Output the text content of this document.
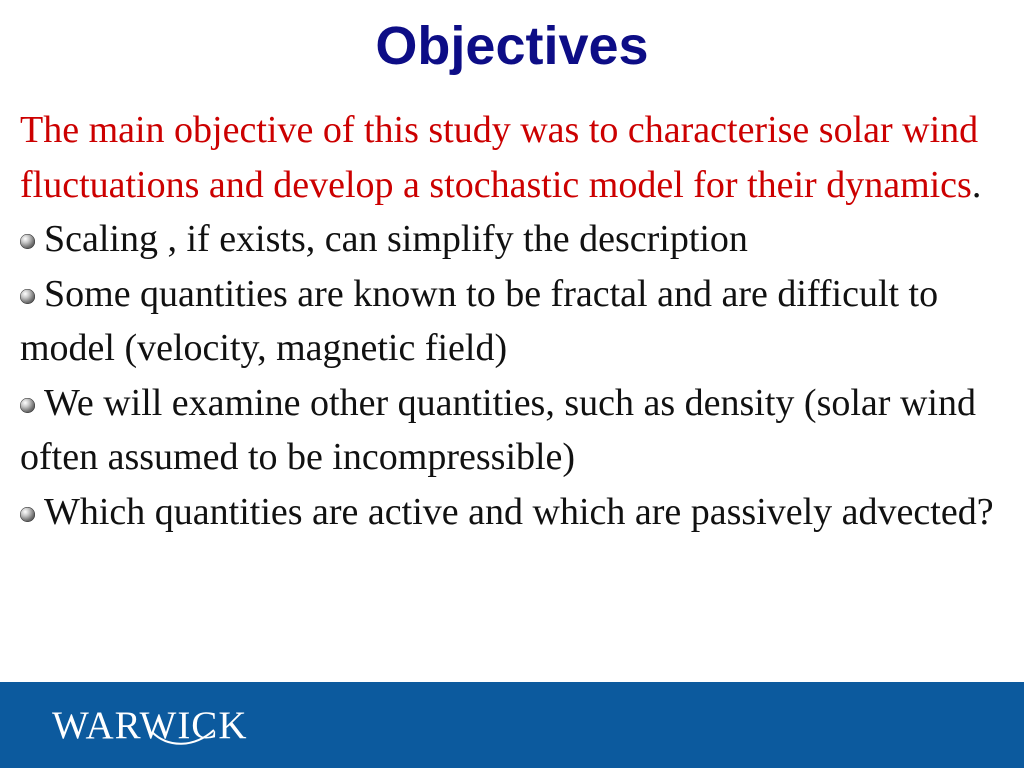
Objectives
The main objective of this study was to characterise solar wind fluctuations and develop a stochastic model for their dynamics.
Scaling , if exists, can simplify the description
Some quantities are known to be fractal and are difficult to model (velocity, magnetic field)
We will examine other quantities, such as density (solar wind often assumed to be incompressible)
Which quantities are active and which are passively advected?
WARWICK
